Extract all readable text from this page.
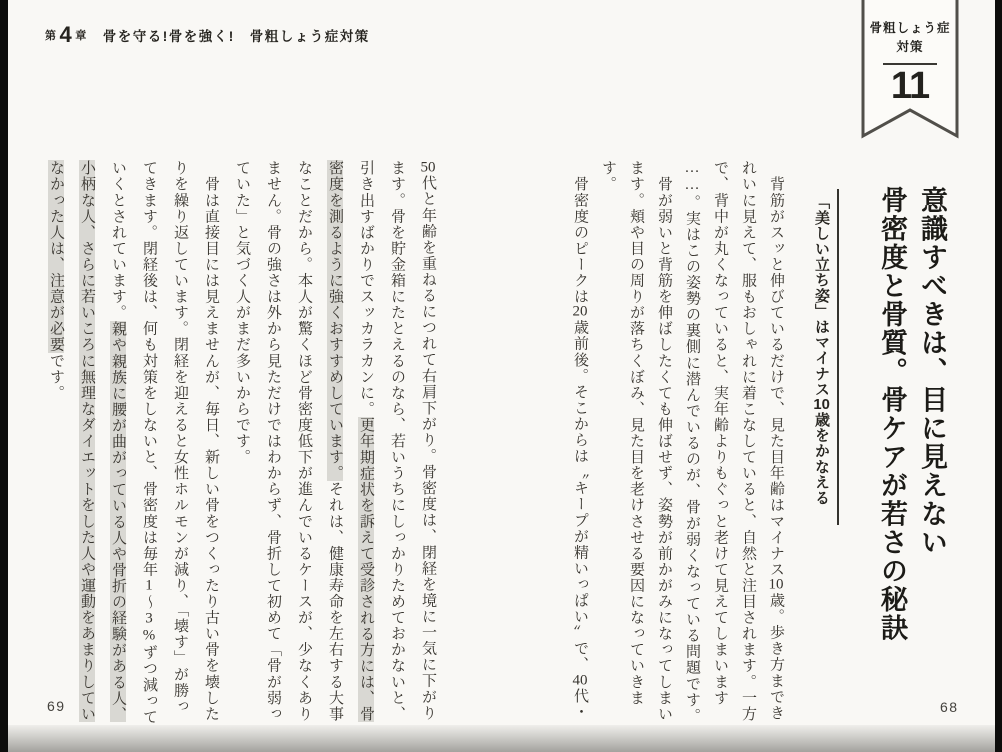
第 4 章 骨を守る!骨を強く! 骨粗しょう症対策
骨粗しょう症
対策
11

意識すべきは、目に見えない

骨密度と骨質。骨ケアが若さの秘訣

「美しい立ち姿」はマイナス10歳をかなえる

　背筋がスッと伸びているだけで、見た目年齢はマイナス10歳。歩き方までき

れいに見えて、服もおしゃれに着こなしていると、自然と注目されます。一方

で、背中が丸くなっていると、実年齢よりもぐっと老けて見えてしまいます

……。実はこの姿勢の裏側に潜んでいるのが、骨が弱くなっている問題です。

　骨が弱いと背筋を伸ばしたくても伸ばせず、姿勢が前かがみになってしまい

ます。頬や目の周りが落ちくぼみ、見た目を老けさせる要因になっていきます。

　骨密度のピークは20歳前後。そこからは〝キープが精いっぱい〟で、40代・

50代と年齢を重ねるにつれて右肩下がり。骨密度は、閉経を境に一気に下がり

ます。骨を貯金箱にたとえるのなら、若いうちにしっかりためておかないと、

引き出すばかりでスッカラカンに。更年期症状を訴えて受診される方には、骨

密度を測るように強くおすすめしています。それは、健康寿命を左右する大事

なことだから。本人が驚くほど骨密度低下が進んでいるケースが、少なくあり

ません。骨の強さは外から見ただけではわからず、骨折して初めて「骨が弱っ

ていた」と気づく人がまだ多いからです。

　骨は直接目には見えませんが、毎日、新しい骨をつくったり古い骨を壊した

りを繰り返しています。閉経を迎えると女性ホルモンが減り、「壊す」が勝っ

てきます。閉経後は、何も対策をしないと、骨密度は毎年1〜3%ずつ減って

いくとされています。親や親族に腰が曲がっている人や骨折の経験がある人、

小柄な人、さらに若いころに無理なダイエットをした人や運動をあまりしてい

なかった人は、注意が必要です。

69	68
